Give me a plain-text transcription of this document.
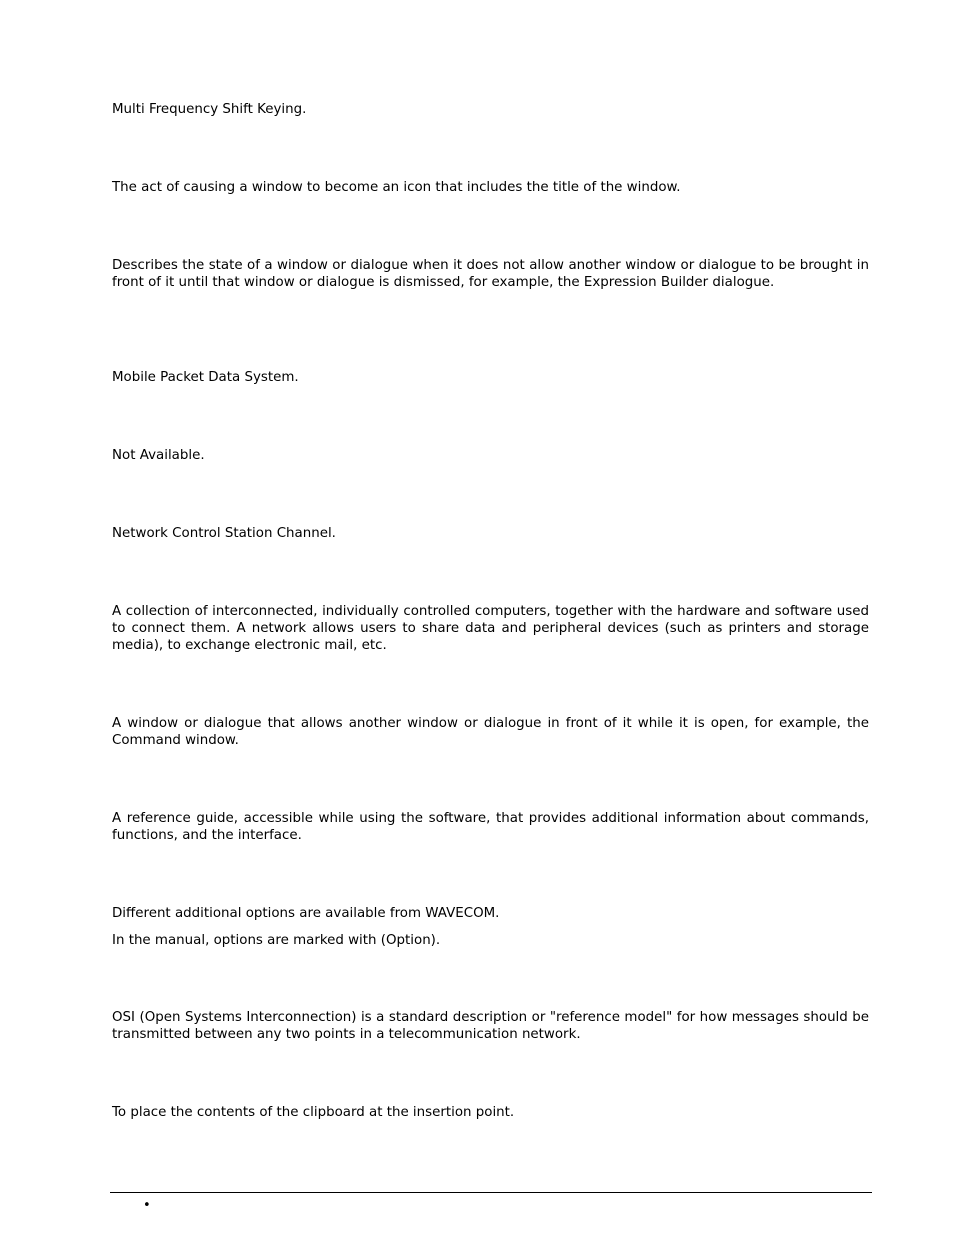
Multi Frequency Shift Keying.

The act of causing a window to become an icon that includes the title of the window.

Describes the state of a window or dialogue when it does not allow another window or dialogue to be brought in front of it until that window or dialogue is dismissed, for example, the Expression Builder dialogue.

Mobile Packet Data System.

Not Available.

Network Control Station Channel.

A collection of interconnected, individually controlled computers, together with the hardware and software used to connect them. A network allows users to share data and peripheral devices (such as printers and storage media), to exchange electronic mail, etc.

A window or dialogue that allows another window or dialogue in front of it while it is open, for example, the Command window.

A reference guide, accessible while using the software, that provides additional information about commands, functions, and the interface.

Different additional options are available from WAVECOM.

In the manual, options are marked with (Option).

OSI (Open Systems Interconnection) is a standard description or "reference model" for how messages should be transmitted between any two points in a telecommunication network.

To place the contents of the clipboard at the insertion point.

•
